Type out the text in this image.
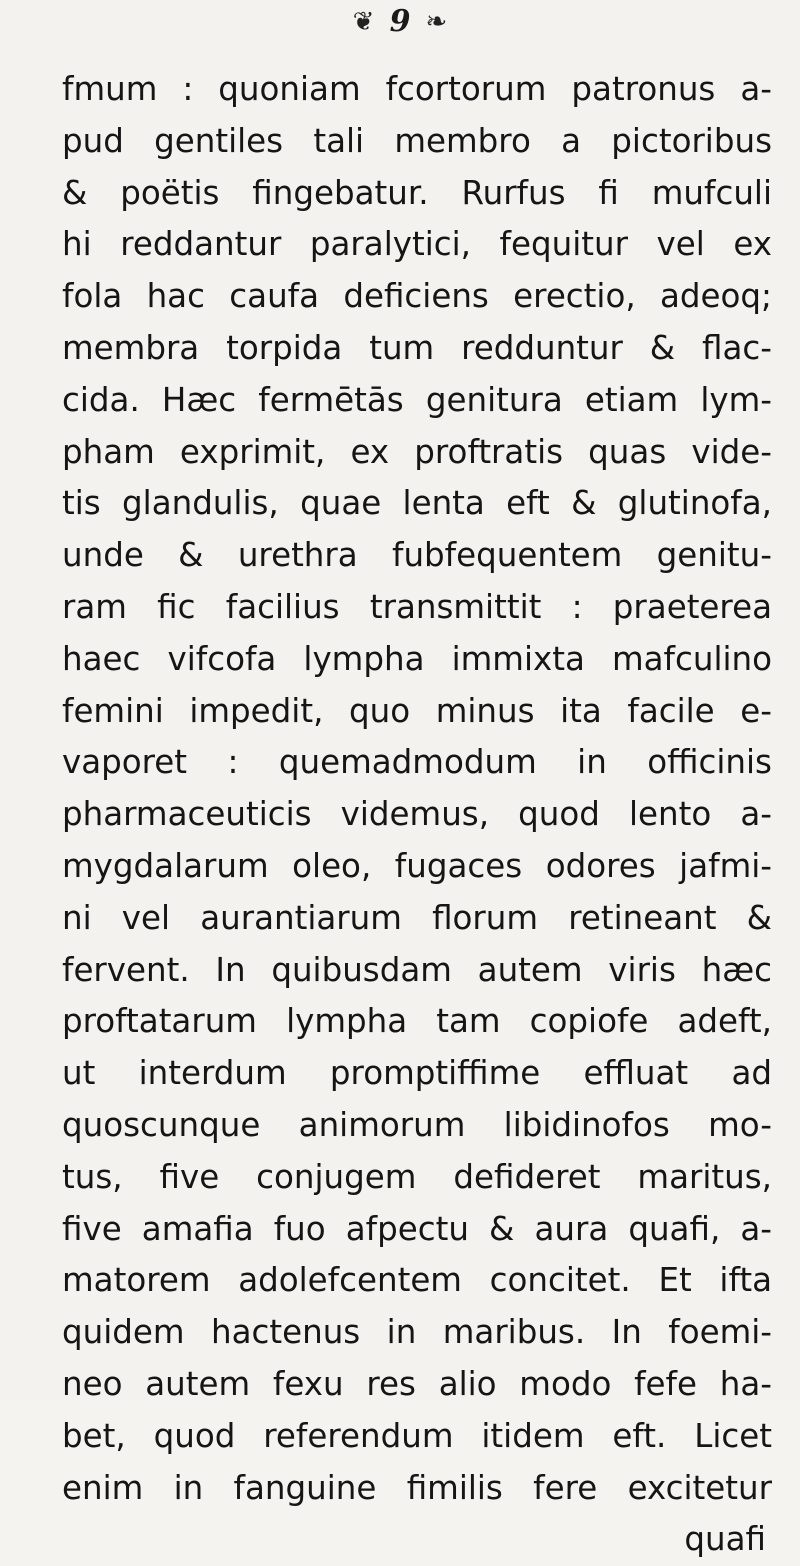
❦ 9 ❧
fmum : quoniam fcortorum patronus a-
pud gentiles tali membro a pictoribus
& poëtis fingebatur. Rurfus fi mufculi
hi reddantur paralytici, fequitur vel ex
fola hac caufa deficiens erectio, adeoq;
membra torpida tum redduntur & flac-
cida. Hæc fermētās genitura etiam lym-
pham exprimit, ex proftratis quas vide-
tis glandulis, quae lenta eft & glutinofa,
unde & urethra fubfequentem genitu-
ram fic facilius transmittit : praeterea
haec vifcofa lympha immixta mafculino
femini impedit, quo minus ita facile e-
vaporet : quemadmodum in officinis
pharmaceuticis videmus, quod lento a-
mygdalarum oleo, fugaces odores jafmi-
ni vel aurantiarum florum retineant &
fervent. In quibusdam autem viris hæc
proftatarum lympha tam copiofe adeft,
ut interdum promptiffime effluat ad
quoscunque animorum libidinofos mo-
tus, five conjugem defideret maritus,
five amafia fuo afpectu & aura quafi, a-
matorem adolefcentem concitet. Et ifta
quidem hactenus in maribus. In foemi-
neo autem fexu res alio modo fefe ha-
bet, quod referendum itidem eft. Licet
enim in fanguine fimilis fere excitetur
quafi
